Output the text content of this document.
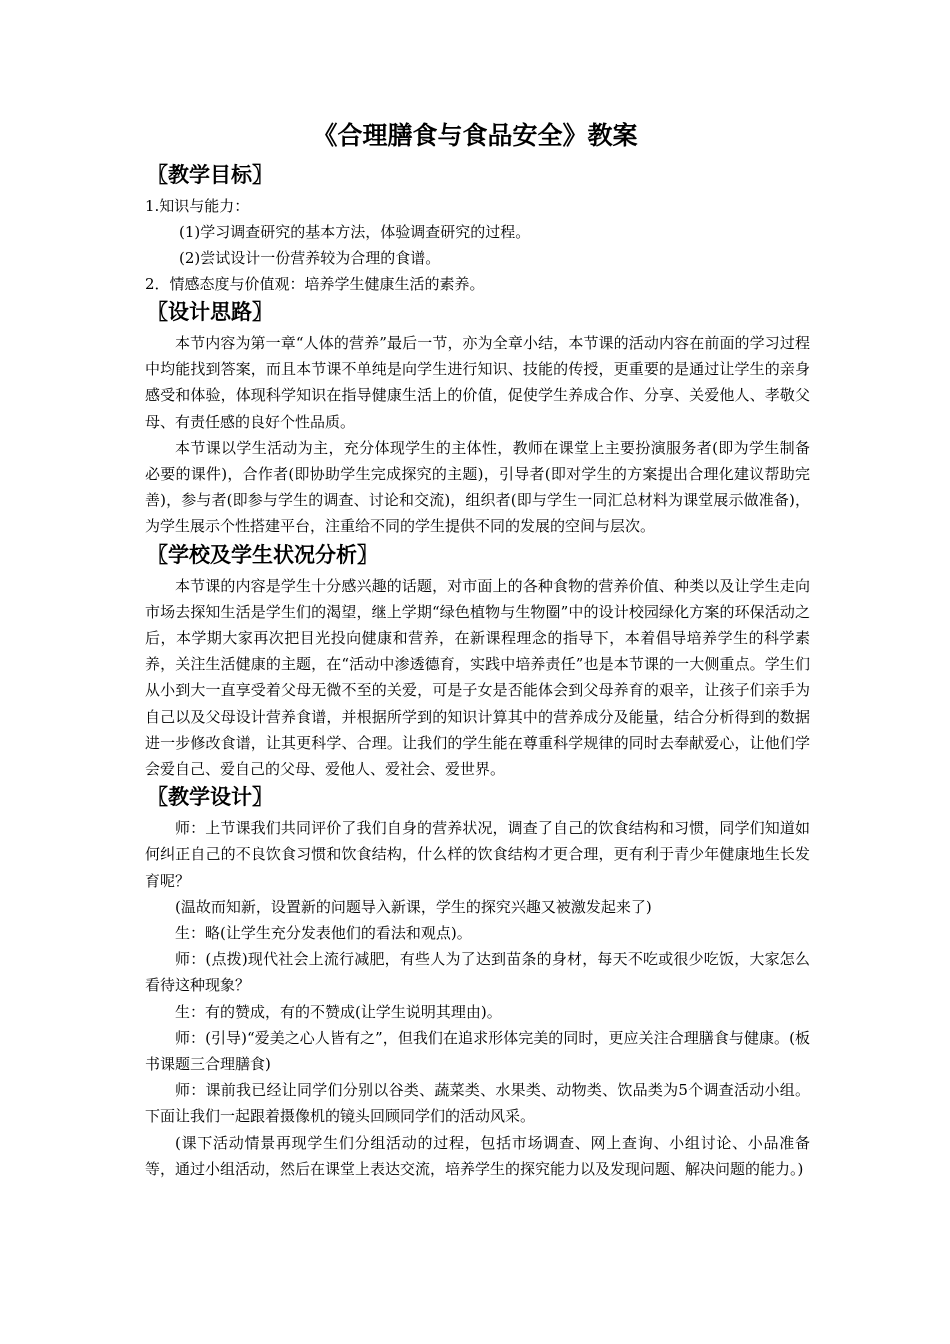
《合理膳食与食品安全》教案
〖教学目标〗
1.知识与能力：
(1)学习调查研究的基本方法，体验调查研究的过程。
(2)尝试设计一份营养较为合理的食谱。
2．情感态度与价值观：培养学生健康生活的素养。
〖设计思路〗

本节内容为第一章“人体的营养”最后一节，亦为全章小结，本节课的活动内容在前面的学习过程中均能找到答案，而且本节课不单纯是向学生进行知识、技能的传授，更重要的是通过让学生的亲身感受和体验，体现科学知识在指导健康生活上的价值，促使学生养成合作、分享、关爱他人、孝敬父母、有责任感的良好个性品质。

本节课以学生活动为主，充分体现学生的主体性，教师在课堂上主要扮演服务者(即为学生制备必要的课件)，合作者(即协助学生完成探究的主题)，引导者(即对学生的方案提出合理化建议帮助完善)，参与者(即参与学生的调查、讨论和交流)，组织者(即与学生一同汇总材料为课堂展示做准备)，为学生展示个性搭建平台，注重给不同的学生提供不同的发展的空间与层次。

〖学校及学生状况分析〗

本节课的内容是学生十分感兴趣的话题，对市面上的各种食物的营养价值、种类以及让学生走向市场去探知生活是学生们的渴望，继上学期“绿色植物与生物圈”中的设计校园绿化方案的环保活动之后，本学期大家再次把目光投向健康和营养，在新课程理念的指导下，本着倡导培养学生的科学素养，关注生活健康的主题，在“活动中渗透德育，实践中培养责任”也是本节课的一大侧重点。学生们从小到大一直享受着父母无微不至的关爱，可是子女是否能体会到父母养育的艰辛，让孩子们亲手为自己以及父母设计营养食谱，并根据所学到的知识计算其中的营养成分及能量，结合分析得到的数据进一步修改食谱，让其更科学、合理。让我们的学生能在尊重科学规律的同时去奉献爱心，让他们学会爱自己、爱自己的父母、爱他人、爱社会、爱世界。

〖教学设计〗

师：上节课我们共同评价了我们自身的营养状况，调查了自己的饮食结构和习惯，同学们知道如何纠正自己的不良饮食习惯和饮食结构，什么样的饮食结构才更合理，更有利于青少年健康地生长发育呢？

(温故而知新，设置新的问题导入新课，学生的探究兴趣又被激发起来了)

生：略(让学生充分发表他们的看法和观点)。

师：(点拨)现代社会上流行减肥，有些人为了达到苗条的身材，每天不吃或很少吃饭，大家怎么看待这种现象？

生：有的赞成，有的不赞成(让学生说明其理由)。

师：(引导)“爱美之心人皆有之”，但我们在追求形体完美的同时，更应关注合理膳食与健康。(板书课题三合理膳食)

师：课前我已经让同学们分别以谷类、蔬菜类、水果类、动物类、饮品类为5个调查活动小组。下面让我们一起跟着摄像机的镜头回顾同学们的活动风采。

(课下活动情景再现学生们分组活动的过程，包括市场调查、网上查询、小组讨论、小品准备等，通过小组活动，然后在课堂上表达交流，培养学生的探究能力以及发现问题、解决问题的能力。)
